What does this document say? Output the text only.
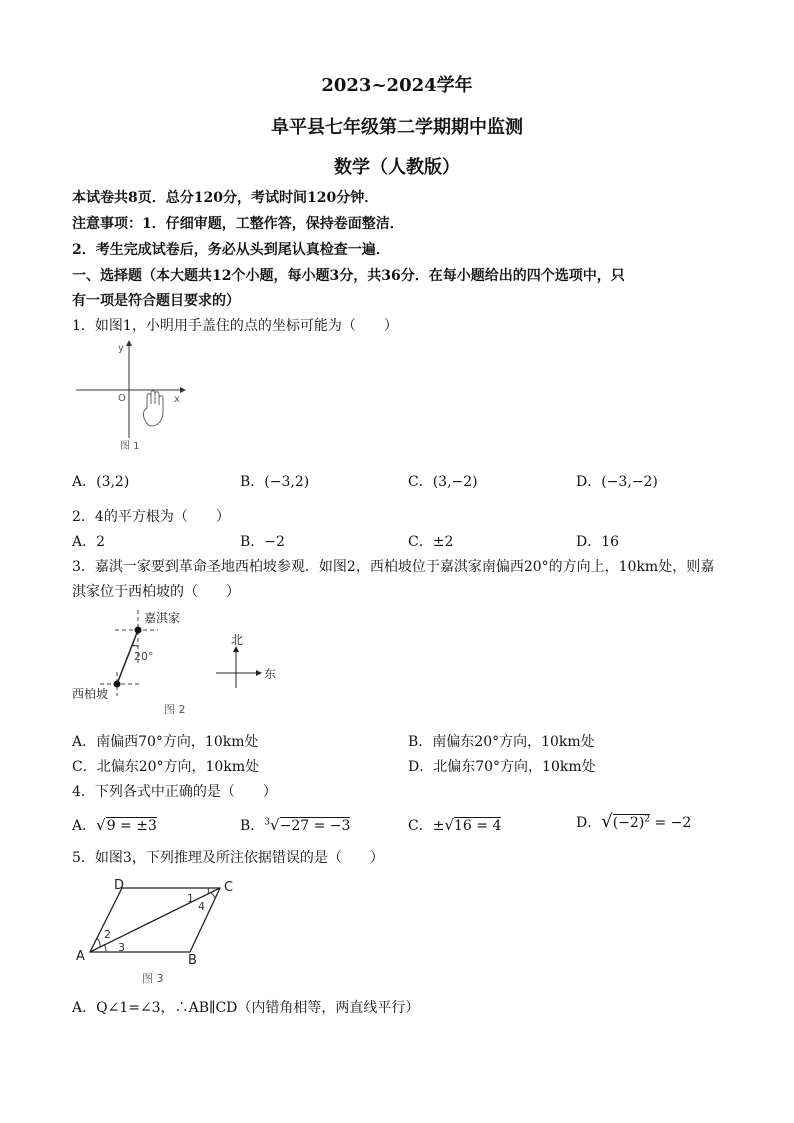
2023~2024学年
阜平县七年级第二学期期中监测
数学（人教版）
本试卷共8页．总分120分，考试时间120分钟．
注意事项：1．仔细审题，工整作答，保持卷面整洁．
2．考生完成试卷后，务必从头到尾认真检查一遍．
一、选择题（本大题共12个小题，每小题3分，共36分．在每小题给出的四个选项中，只
有一项是符合题目要求的）
1．如图1，小明用手盖住的点的坐标可能为（　　）
y
x
O
图 1
A．(3,2)	B．(−3,2)	C．(3,−2)	D．(−3,−2)
2．4的平方根为（　　）
A．2	B．−2	C．±2	D．16
3．嘉淇一家要到革命圣地西柏坡参观．如图2，西柏坡位于嘉淇家南偏西20°的方向上，10km处，则嘉
淇家位于西柏坡的（　　）
嘉淇家
20°
西柏坡
北
东
图 2
A．南偏西70°方向，10km处	B．南偏东20°方向，10km处
C．北偏东20°方向，10km处	D．北偏东70°方向，10km处
4．下列各式中正确的是（　　）
A．√9 = ±3	B．$^3$√−27 = −3	C．±√16 = 4	D．$√(-2)^2 = -2$
5．如图3，下列推理及所注依据错误的是（　　）
D	C
A	B
1
4
2
3
图 3
A．Q∠1=∠3，∴AB∥CD（内错角相等，两直线平行）
